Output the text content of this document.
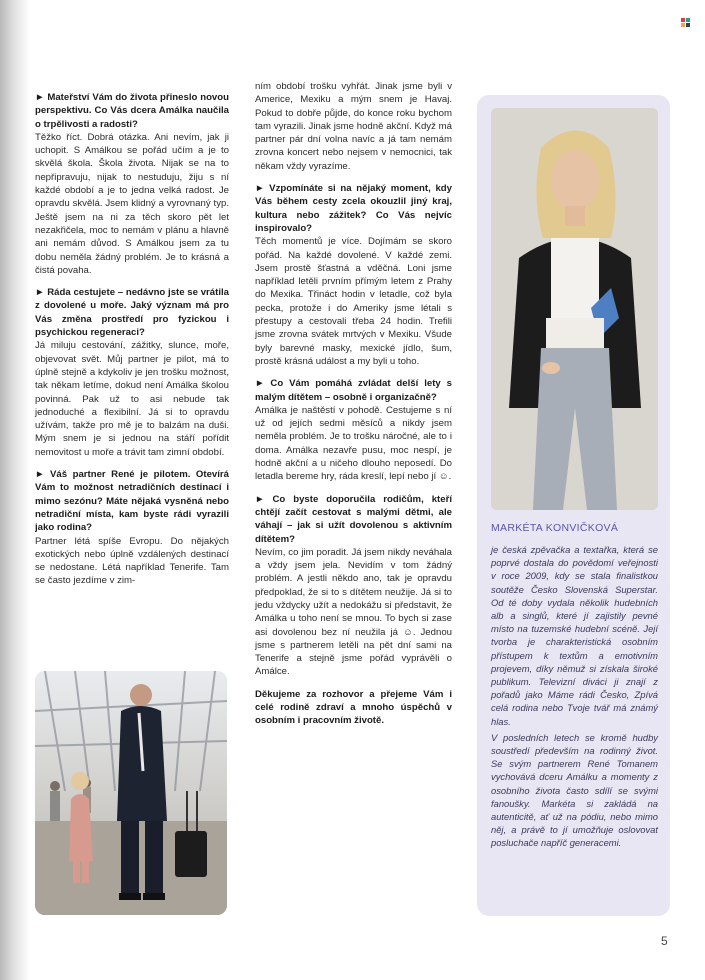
► Mateřství Vám do života přineslo novou perspektivu. Co Vás dcera Amálka naučila o trpělivosti a radosti?
Těžko říct. Dobrá otázka. Ani nevím, jak ji uchopit. S Amálkou se pořád učím a je to skvělá škola. Škola života. Nijak se na to nepřipravuju, nijak to nestuduju, žiju s ní každé období a je to jedna velká radost. Je opravdu skvělá. Jsem klidný a vyrovnaný typ. Ještě jsem na ni za těch skoro pět let nezakřičela, moc to nemám v plánu a hlavně ani nemám důvod. S Amálkou jsem za tu dobu neměla žádný problém. Je to krásná a čistá povaha.

► Ráda cestujete – nedávno jste se vrátila z dovolené u moře. Jaký význam má pro Vás změna prostředí pro fyzickou i psychickou regeneraci?
Já miluju cestování, zážitky, slunce, moře, objevovat svět. Můj partner je pilot, má to úplně stejně a kdykoliv je jen trošku možnost, tak někam letíme, dokud není Amálka školou povinná. Pak už to asi nebude tak jednoduché a flexibilní. Já si to opravdu užívám, takže pro mě je to balzám na duši. Mým snem je si jednou na stáří pořídit nemovitost u moře a trávit tam zimní období.

► Váš partner René je pilotem. Otevírá Vám to možnost netradičních destinací i mimo sezónu? Máte nějaká vysněná nebo netradiční místa, kam byste rádi vyrazili jako rodina?
Partner létá spíše Evropu. Do nějakých exotických nebo úplně vzdálených destinací se nedostane. Létá například Tenerife. Tam se často jezdíme v zim-

ním období trošku vyhřát. Jinak jsme byli v Americe, Mexiku a mým snem je Havaj. Pokud to dobře půjde, do konce roku bychom tam vyrazili. Jinak jsme hodně akční. Když má partner pár dní volna navíc a já tam nemám zrovna koncert nebo nejsem v nemocnici, tak někam vždy vyrazíme.

► Vzpomínáte si na nějaký moment, kdy Vás během cesty zcela okouzlil jiný kraj, kultura nebo zážitek? Co Vás nejvíc inspirovalo?
Těch momentů je více. Dojímám se skoro pořád. Na každé dovolené. V každé zemi. Jsem prostě šťastná a vděčná. Loni jsme například letěli prvním přímým letem z Prahy do Mexika. Třináct hodin v letadle, což byla pecka, protože i do Ameriky jsme létali s přestupy a cestovali třeba 24 hodin. Trefili jsme zrovna svátek mrtvých v Mexiku. Všude byly barevné masky, mexické jídlo, šum, prostě krásná událost a my byli u toho.

► Co Vám pomáhá zvládat delší lety s malým dítětem – osobně i organizačně?
Amálka je naštěstí v pohodě. Cestujeme s ní už od jejích sedmi měsíců a nikdy jsem neměla problém. Je to trošku náročné, ale to i doma. Amálka nezavře pusu, moc nespí, je hodně akční a u ničeho dlouho neposedí. Do letadla bereme hry, ráda kreslí, lepí nebo jí ☺.

► Co byste doporučila rodičům, kteří chtějí začít cestovat s malými dětmi, ale váhají – jak si užít dovolenou s aktivním dítětem?
Nevím, co jim poradit. Já jsem nikdy neváhala a vždy jsem jela. Nevidím v tom žádný problém. A jestli někdo ano, tak je opravdu předpoklad, že si to s dítětem neužije. Já si to jedu vždycky užít a nedokážu si představit, že Amálka u toho není se mnou. To bych si zase asi dovolenou bez ní neužila já ☺. Jednou jsme s partnerem letěli na pět dní sami na Tenerife a stejně jsme pořád vyprávěli o Amálce.

Děkujeme za rozhovor a přejeme Vám i celé rodině zdraví a mnoho úspěchů v osobním i pracovním životě.

MARKÉTA KONVIČKOVÁ

je česká zpěvačka a textařka, která se poprvé dostala do povědomí veřejnosti v roce 2009, kdy se stala finalistkou soutěže Česko Slovenská Superstar. Od té doby vydala několik hudebních alb a singlů, které jí zajistily pevné místo na tuzemské hudební scéně. Její tvorba je charakteristická osobním přístupem k textům a emotivním projevem, díky němuž si získala široké publikum. Televizní diváci ji znají z pořadů jako Máme rádi Česko, Zpívá celá rodina nebo Tvoje tvář má známý hlas.

V posledních letech se kromě hudby soustředí především na rodinný život. Se svým partnerem René Tomanem vychovává dceru Amálku a momenty z osobního života často sdílí se svými fanoušky. Markéta si zakládá na autenticitě, ať už na pódiu, nebo mimo něj, a právě to jí umožňuje oslovovat posluchače napříč generacemi.

5
